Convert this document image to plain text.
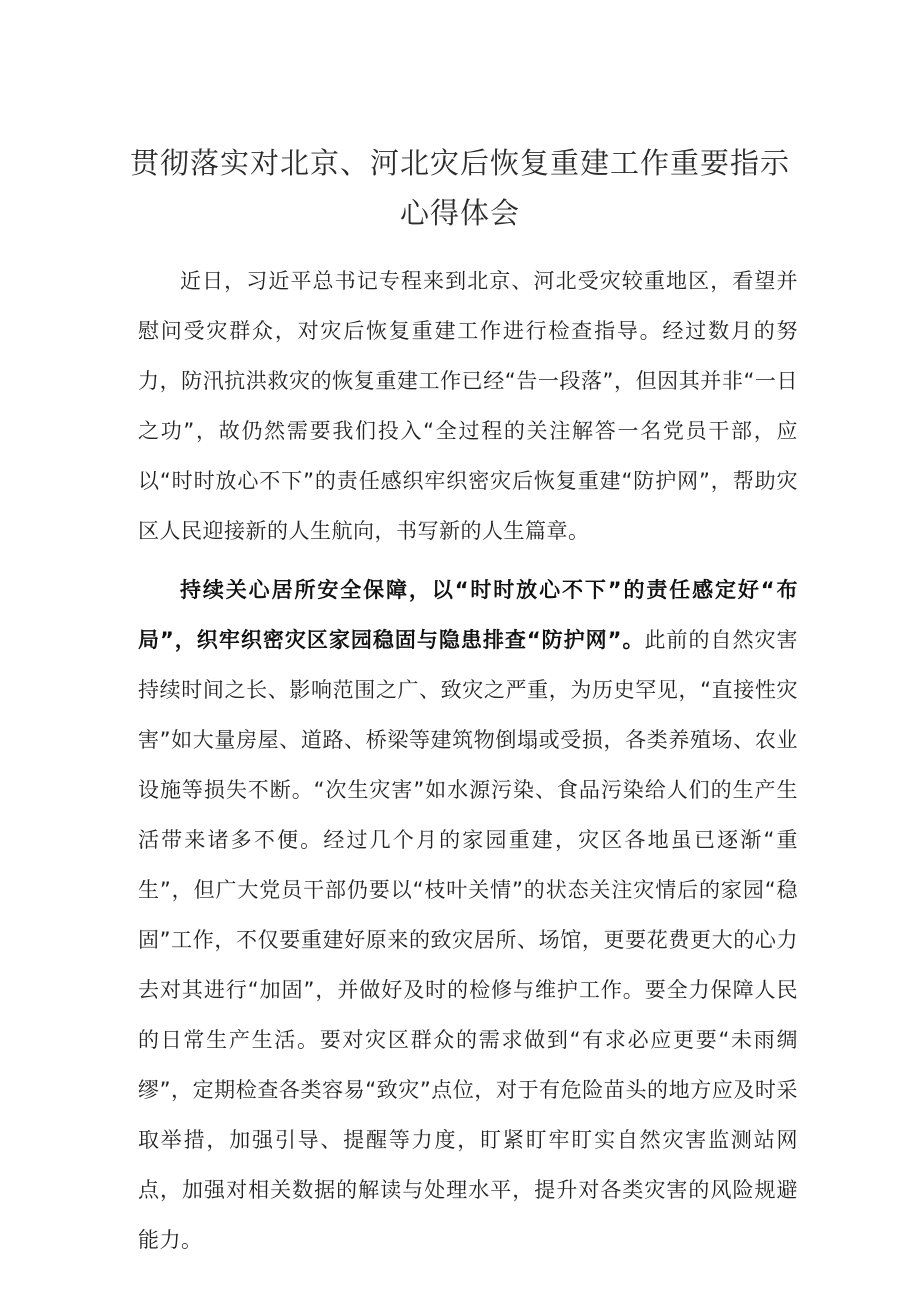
贯彻落实对北京、河北灾后恢复重建工作重要指示
心得体会

近日，习近平总书记专程来到北京、河北受灾较重地区，看望并慰问受灾群众，对灾后恢复重建工作进行检查指导。经过数月的努力，防汛抗洪救灾的恢复重建工作已经“告一段落”，但因其并非“一日之功”，故仍然需要我们投入“全过程的关注解答一名党员干部，应以“时时放心不下”的责任感织牢织密灾后恢复重建“防护网”，帮助灾区人民迎接新的人生航向，书写新的人生篇章。

持续关心居所安全保障，以“时时放心不下”的责任感定好“布局”，织牢织密灾区家园稳固与隐患排查“防护网”。此前的自然灾害持续时间之长、影响范围之广、致灾之严重，为历史罕见，“直接性灾害”如大量房屋、道路、桥梁等建筑物倒塌或受损，各类养殖场、农业设施等损失不断。“次生灾害”如水源污染、食品污染给人们的生产生活带来诸多不便。经过几个月的家园重建，灾区各地虽已逐渐“重生”，但广大党员干部仍要以“枝叶关情”的状态关注灾情后的家园“稳固”工作，不仅要重建好原来的致灾居所、场馆，更要花费更大的心力去对其进行“加固”，并做好及时的检修与维护工作。要全力保障人民的日常生产生活。要对灾区群众的需求做到“有求必应更要“未雨绸缪”，定期检查各类容易“致灾”点位，对于有危险苗头的地方应及时采取举措，加强引导、提醒等力度，盯紧盯牢盯实自然灾害监测站网点，加强对相关数据的解读与处理水平，提升对各类灾害的风险规避能力。
